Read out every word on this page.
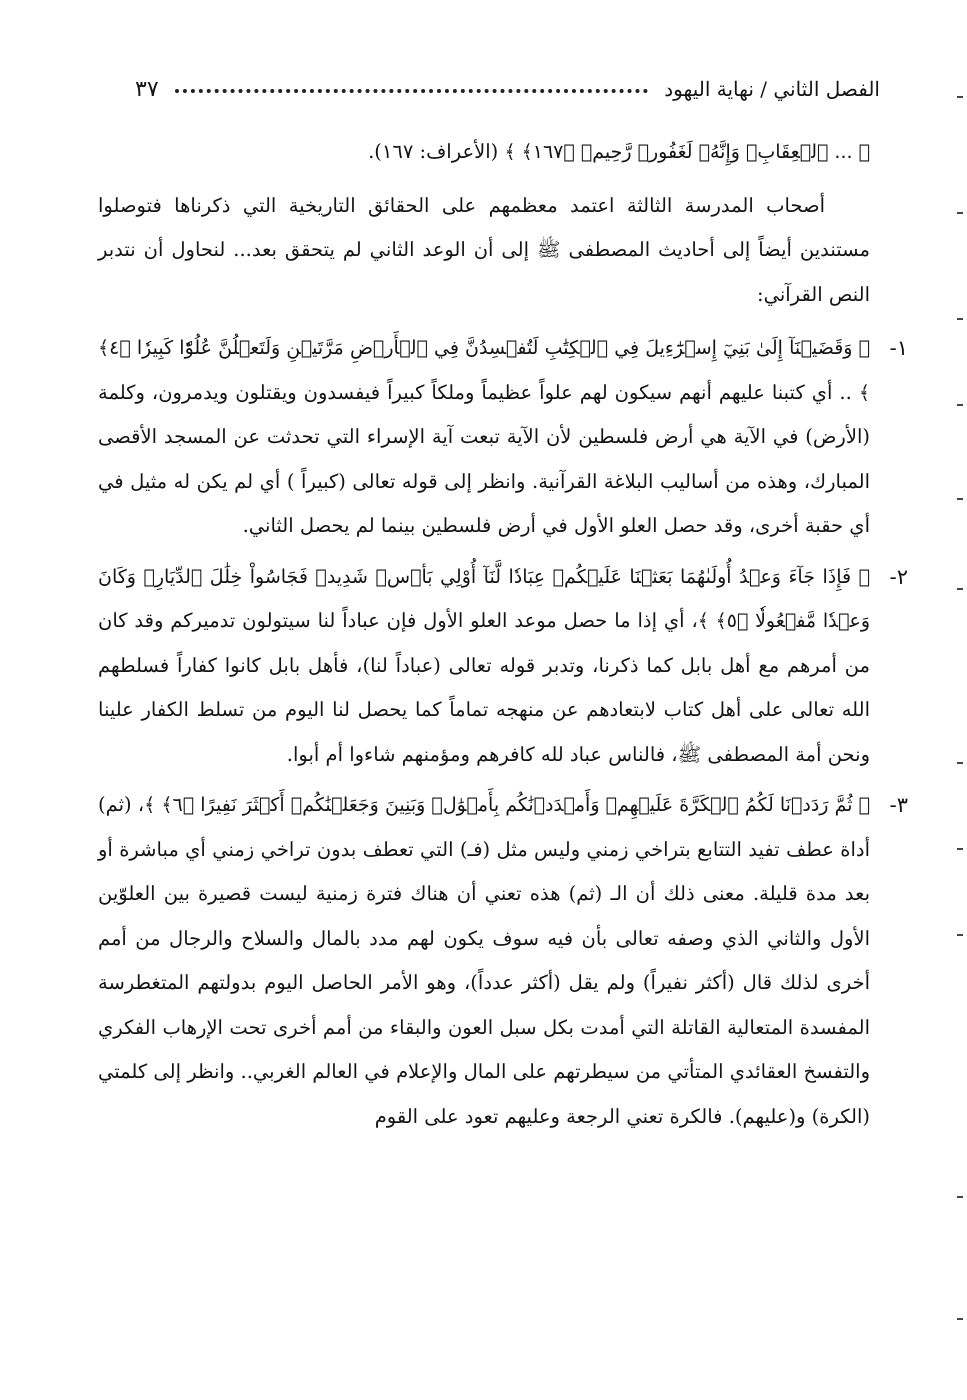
الفصل الثاني / نهاية اليهود
٣٧

﴿ ... ٱلۡعِقَابِۖ وَإِنَّهُۥ لَغَفُورٞ رَّحِيمٞ ﴿١٦٧﴾ ﴾ (الأعراف: ١٦٧).

أصحاب المدرسة الثالثة اعتمد معظمهم على الحقائق التاريخية التي ذكرناها فتوصلوا مستندين أيضاً إلى أحاديث المصطفى ﷺ إلى أن الوعد الثاني لم يتحقق بعد... لنحاول أن نتدبر النص القرآني:

١-

﴿ وَقَضَيۡنَآ إِلَىٰ بَنِيٓ إِسۡرَٰٓءِيلَ فِي ٱلۡكِتَٰبِ لَتُفۡسِدُنَّ فِي ٱلۡأَرۡضِ مَرَّتَيۡنِ وَلَتَعۡلُنَّ عُلُوّٗا كَبِيرٗا ﴿٤﴾ ﴾ .. أي كتبنا عليهم أنهم سيكون لهم علواً عظيماً وملكاً كبيراً فيفسدون ويقتلون ويدمرون، وكلمة (الأرض) في الآية هي أرض فلسطين لأن الآية تبعت آية الإسراء التي تحدثت عن المسجد الأقصى المبارك، وهذه من أساليب البلاغة القرآنية. وانظر إلى قوله تعالى (كبيراً ) أي لم يكن له مثيل في أي حقبة أخرى، وقد حصل العلو الأول في أرض فلسطين بينما لم يحصل الثاني.

٢-

﴿ فَإِذَا جَآءَ وَعۡدُ أُولَىٰهُمَا بَعَثۡنَا عَلَيۡكُمۡ عِبَادٗا لَّنَآ أُوْلِي بَأۡسٖ شَدِيدٖ فَجَاسُواْ خِلَٰلَ ٱلدِّيَارِۚ وَكَانَ وَعۡدٗا مَّفۡعُولٗا ﴿٥﴾ ﴾، أي إذا ما حصل موعد العلو الأول فإن عباداً لنا سيتولون تدميركم وقد كان من أمرهم مع أهل بابل كما ذكرنا، وتدبر قوله تعالى (عباداً لنا)، فأهل بابل كانوا كفاراً فسلطهم الله تعالى على أهل كتاب لابتعادهم عن منهجه تماماً كما يحصل لنا اليوم من تسلط الكفار علينا ونحن أمة المصطفى ﷺ، فالناس عباد لله كافرهم ومؤمنهم شاءوا أم أبوا.

٣-

﴿ ثُمَّ رَدَدۡنَا لَكُمُ ٱلۡكَرَّةَ عَلَيۡهِمۡ وَأَمۡدَدۡنَٰكُم بِأَمۡوَٰلٖ وَبَنِينَ وَجَعَلۡنَٰكُمۡ أَكۡثَرَ نَفِيرًا ﴿٦﴾ ﴾، (ثم) أداة عطف تفيد التتابع بتراخي زمني وليس مثل (فـ) التي تعطف بدون تراخي زمني أي مباشرة أو بعد مدة قليلة. معنى ذلك أن الـ (ثم) هذه تعني أن هناك فترة زمنية ليست قصيرة بين العلوّين الأول والثاني الذي وصفه تعالى بأن فيه سوف يكون لهم مدد بالمال والسلاح والرجال من أمم أخرى لذلك قال (أكثر نفيراً) ولم يقل (أكثر عدداً)، وهو الأمر الحاصل اليوم بدولتهم المتغطرسة المفسدة المتعالية القاتلة التي أمدت بكل سبل العون والبقاء من أمم أخرى تحت الإرهاب الفكري والتفسخ العقائدي المتأتي من سيطرتهم على المال والإعلام في العالم الغربي.. وانظر إلى كلمتي (الكرة) و(عليهم). فالكرة تعني الرجعة وعليهم تعود على القوم
